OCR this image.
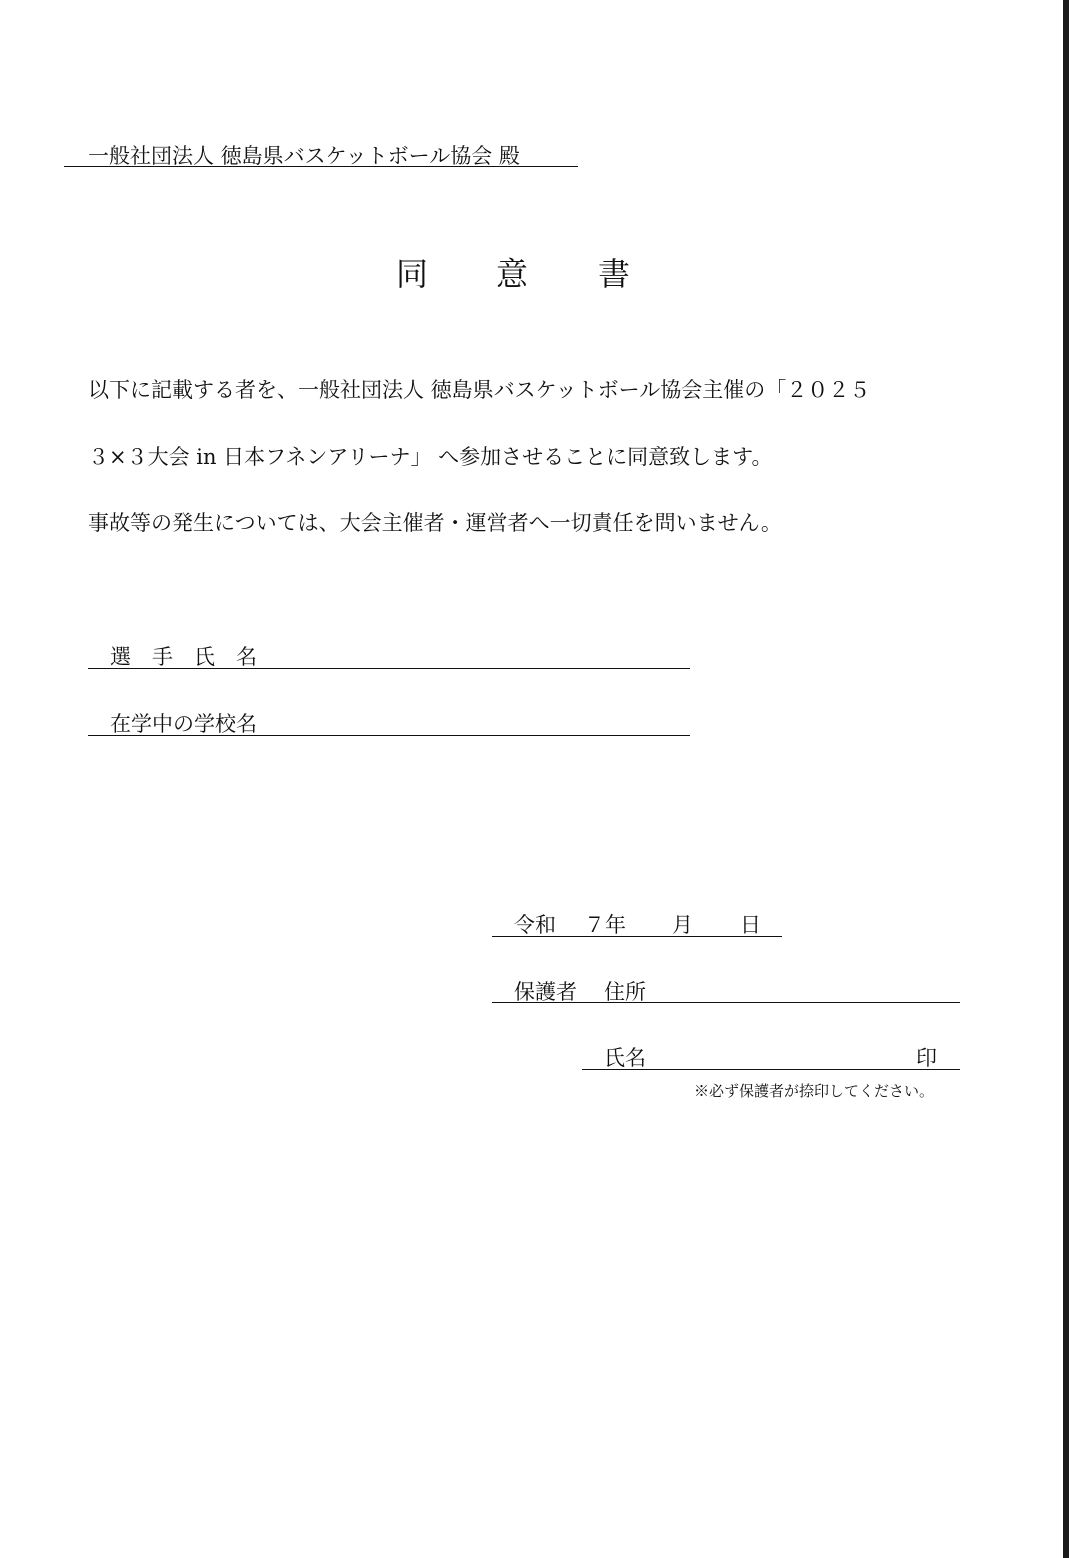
一般社団法人 徳島県バスケットボール協会 殿
同 意 書
以下に記載する者を、一般社団法人 徳島県バスケットボール協会主催の「２０２５
３×３大会 in 日本フネンアリーナ」 へ参加させることに同意致します。
事故等の発生については、大会主催者・運営者へ一切責任を問いません。
選　手　氏　名
在学中の学校名
令和 ７年 月 日
保護者 住所
氏名	印
※必ず保護者が捺印してください。
